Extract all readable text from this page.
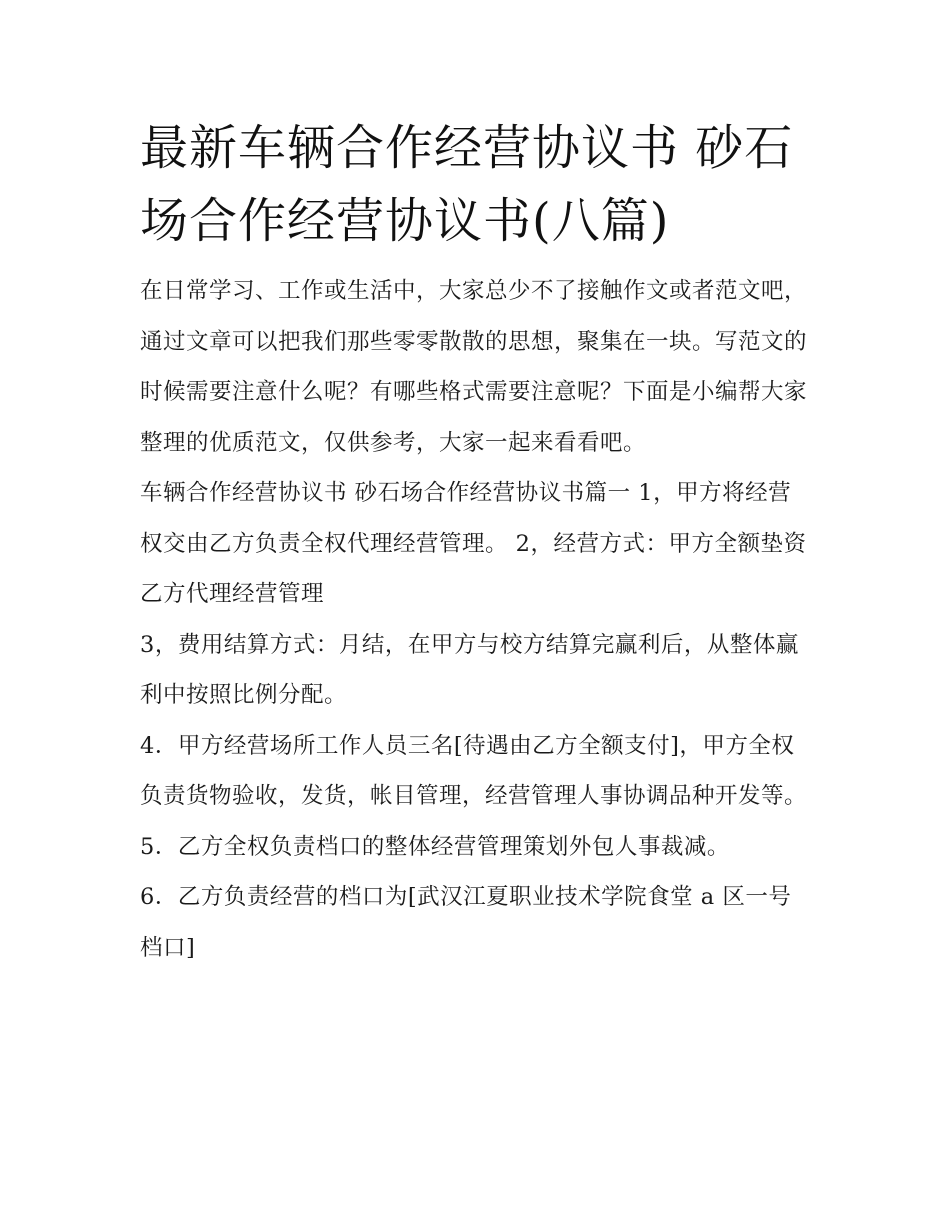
最新车辆合作经营协议书 砂石场合作经营协议书(八篇)

在日常学习、工作或生活中，大家总少不了接触作文或者范文吧，通过文章可以把我们那些零零散散的思想，聚集在一块。写范文的时候需要注意什么呢？有哪些格式需要注意呢？下面是小编帮大家整理的优质范文，仅供参考，大家一起来看看吧。

车辆合作经营协议书 砂石场合作经营协议书篇一 1，甲方将经营权交由乙方负责全权代理经营管理。 2，经营方式：甲方全额垫资乙方代理经营管理

3，费用结算方式：月结，在甲方与校方结算完赢利后，从整体赢利中按照比例分配。

4．甲方经营场所工作人员三名[待遇由乙方全额支付]，甲方全权负责货物验收，发货，帐目管理，经营管理人事协调品种开发等。

5．乙方全权负责档口的整体经营管理策划外包人事裁减。

6．乙方负责经营的档口为[武汉江夏职业技术学院食堂 a 区一号档口]
